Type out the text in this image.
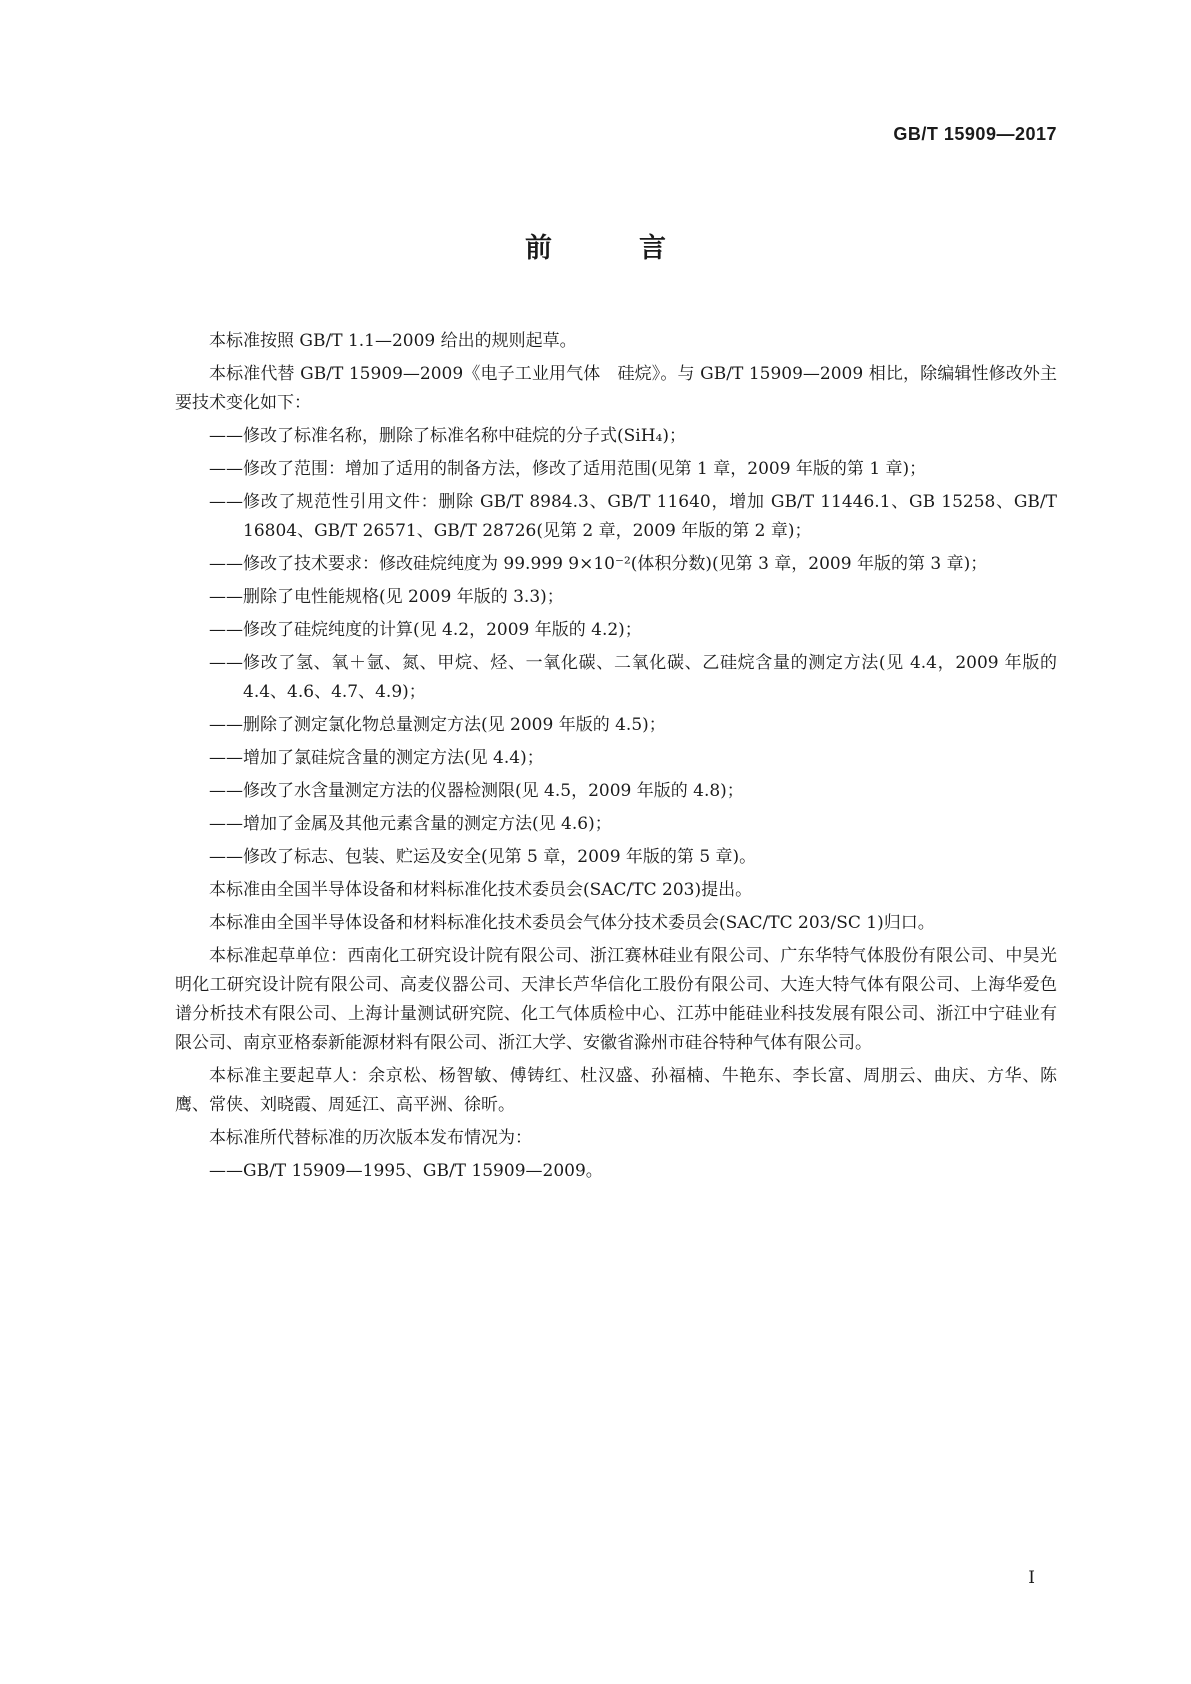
GB/T 15909—2017
前　言

本标准按照 GB/T 1.1—2009 给出的规则起草。

本标准代替 GB/T 15909—2009《电子工业用气体　硅烷》。与 GB/T 15909—2009 相比，除编辑性修改外主要技术变化如下：

—— 修改了标准名称，删除了标准名称中硅烷的分子式(SiH₄)；

—— 修改了范围：增加了适用的制备方法，修改了适用范围(见第 1 章，2009 年版的第 1 章)；

—— 修改了规范性引用文件：删除 GB/T 8984.3、GB/T 11640，增加 GB/T 11446.1、GB 15258、GB/T 16804、GB/T 26571、GB/T 28726(见第 2 章，2009 年版的第 2 章)；

—— 修改了技术要求：修改硅烷纯度为 99.999 9×10⁻²(体积分数)(见第 3 章，2009 年版的第 3 章)；

—— 删除了电性能规格(见 2009 年版的 3.3)；

—— 修改了硅烷纯度的计算(见 4.2，2009 年版的 4.2)；

—— 修改了氢、氧＋氩、氮、甲烷、烃、一氧化碳、二氧化碳、乙硅烷含量的测定方法(见 4.4，2009 年版的 4.4、4.6、4.7、4.9)；

—— 删除了测定氯化物总量测定方法(见 2009 年版的 4.5)；

—— 增加了氯硅烷含量的测定方法(见 4.4)；

—— 修改了水含量测定方法的仪器检测限(见 4.5，2009 年版的 4.8)；

—— 增加了金属及其他元素含量的测定方法(见 4.6)；

—— 修改了标志、包装、贮运及安全(见第 5 章，2009 年版的第 5 章)。

本标准由全国半导体设备和材料标准化技术委员会(SAC/TC 203)提出。

本标准由全国半导体设备和材料标准化技术委员会气体分技术委员会(SAC/TC 203/SC 1)归口。

本标准起草单位：西南化工研究设计院有限公司、浙江赛林硅业有限公司、广东华特气体股份有限公司、中昊光明化工研究设计院有限公司、高麦仪器公司、天津长芦华信化工股份有限公司、大连大特气体有限公司、上海华爱色谱分析技术有限公司、上海计量测试研究院、化工气体质检中心、江苏中能硅业科技发展有限公司、浙江中宁硅业有限公司、南京亚格泰新能源材料有限公司、浙江大学、安徽省滁州市硅谷特种气体有限公司。

本标准主要起草人：余京松、杨智敏、傅铸红、杜汉盛、孙福楠、牛艳东、李长富、周朋云、曲庆、方华、陈鹰、常侠、刘晓霞、周延江、高平洲、徐昕。

本标准所代替标准的历次版本发布情况为：

—— GB/T 15909—1995、GB/T 15909—2009。

I
